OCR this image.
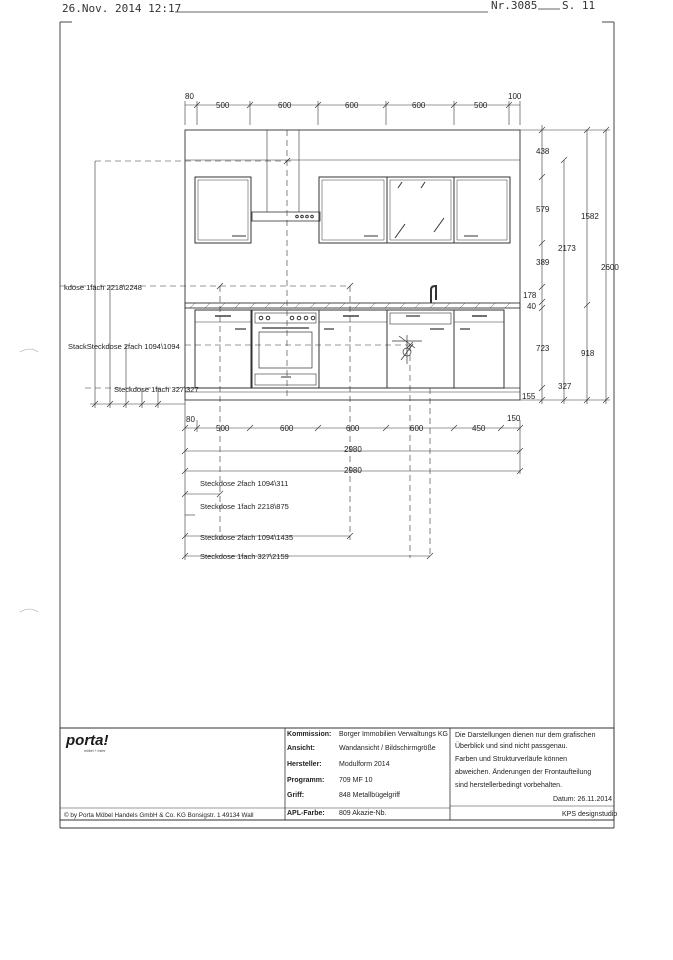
26.Nov. 2014 12:17	Nr.3085 S. 11
80
500	600	600	600	500
100
kdose 1fach 2218\2248
StackSteckdose 2fach 1094\1094
Steckdose 1fach 327\327
438
579
389
178
40
723
155
2173
1582
918
327
2600
80
500	600	600	600	450
150
2980
2980
Steckdose 2fach 1094\311
Steckdose 1fach 2218\875
Steckdose 2fach 1094\1435
Steckdose 1fach 327\2159
porta!
möbel + mehr
© by Porta Möbel Handels GmbH & Co. KG Bonsigstr. 1 49134 Wall
Kommission: Borger Immobilien Verwaltungs KG
Ansicht:	Wandansicht / Bildschirmgröße
Hersteller: Modulform 2014
Programm: 709 MF 10
Griff:	848 Metallbügelgriff
APL-Farbe: 809 Akazie-Nb.
Die Darstellungen dienen nur dem grafischen
Überblick und sind nicht passgenau.
Farben und Strukturverläufe können
abweichen. Änderungen der Frontaufteilung
sind herstellerbedingt vorbehalten.
Datum: 26.11.2014
KPS designstudio
